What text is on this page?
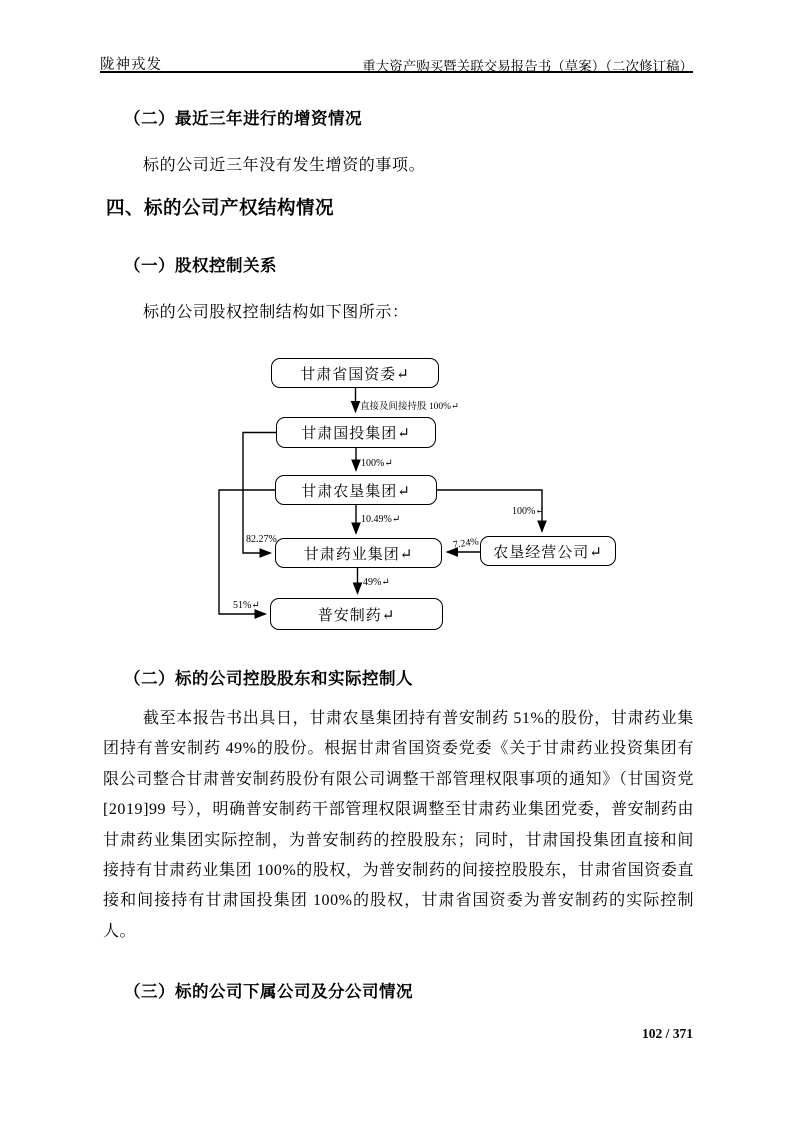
陇神戎发	重大资产购买暨关联交易报告书（草案）（二次修订稿）
（二）最近三年进行的增资情况
标的公司近三年没有发生增资的事项。
四、标的公司产权结构情况
（一）股权控制关系
标的公司股权控制结构如下图所示：
甘肃省国资委↵
甘肃国投集团↵
甘肃农垦集团↵
甘肃药业集团↵	农垦经营公司↵
普安制药↵
直接及间接持股 100%↵
100%↵
10.49%↵
49%↵
100%↵
7.24%
82.27%
51%↵
（二）标的公司控股股东和实际控制人
截至本报告书出具日，甘肃农垦集团持有普安制药 51%的股份，甘肃药业集团持有普安制药 49%的股份。根据甘肃省国资委党委《关于甘肃药业投资集团有限公司整合甘肃普安制药股份有限公司调整干部管理权限事项的通知》（甘国资党[2019]99 号），明确普安制药干部管理权限调整至甘肃药业集团党委，普安制药由甘肃药业集团实际控制，为普安制药的控股股东；同时，甘肃国投集团直接和间接持有甘肃药业集团 100%的股权，为普安制药的间接控股股东，甘肃省国资委直接和间接持有甘肃国投集团 100%的股权，甘肃省国资委为普安制药的实际控制人。
（三）标的公司下属公司及分公司情况
102 / 371
